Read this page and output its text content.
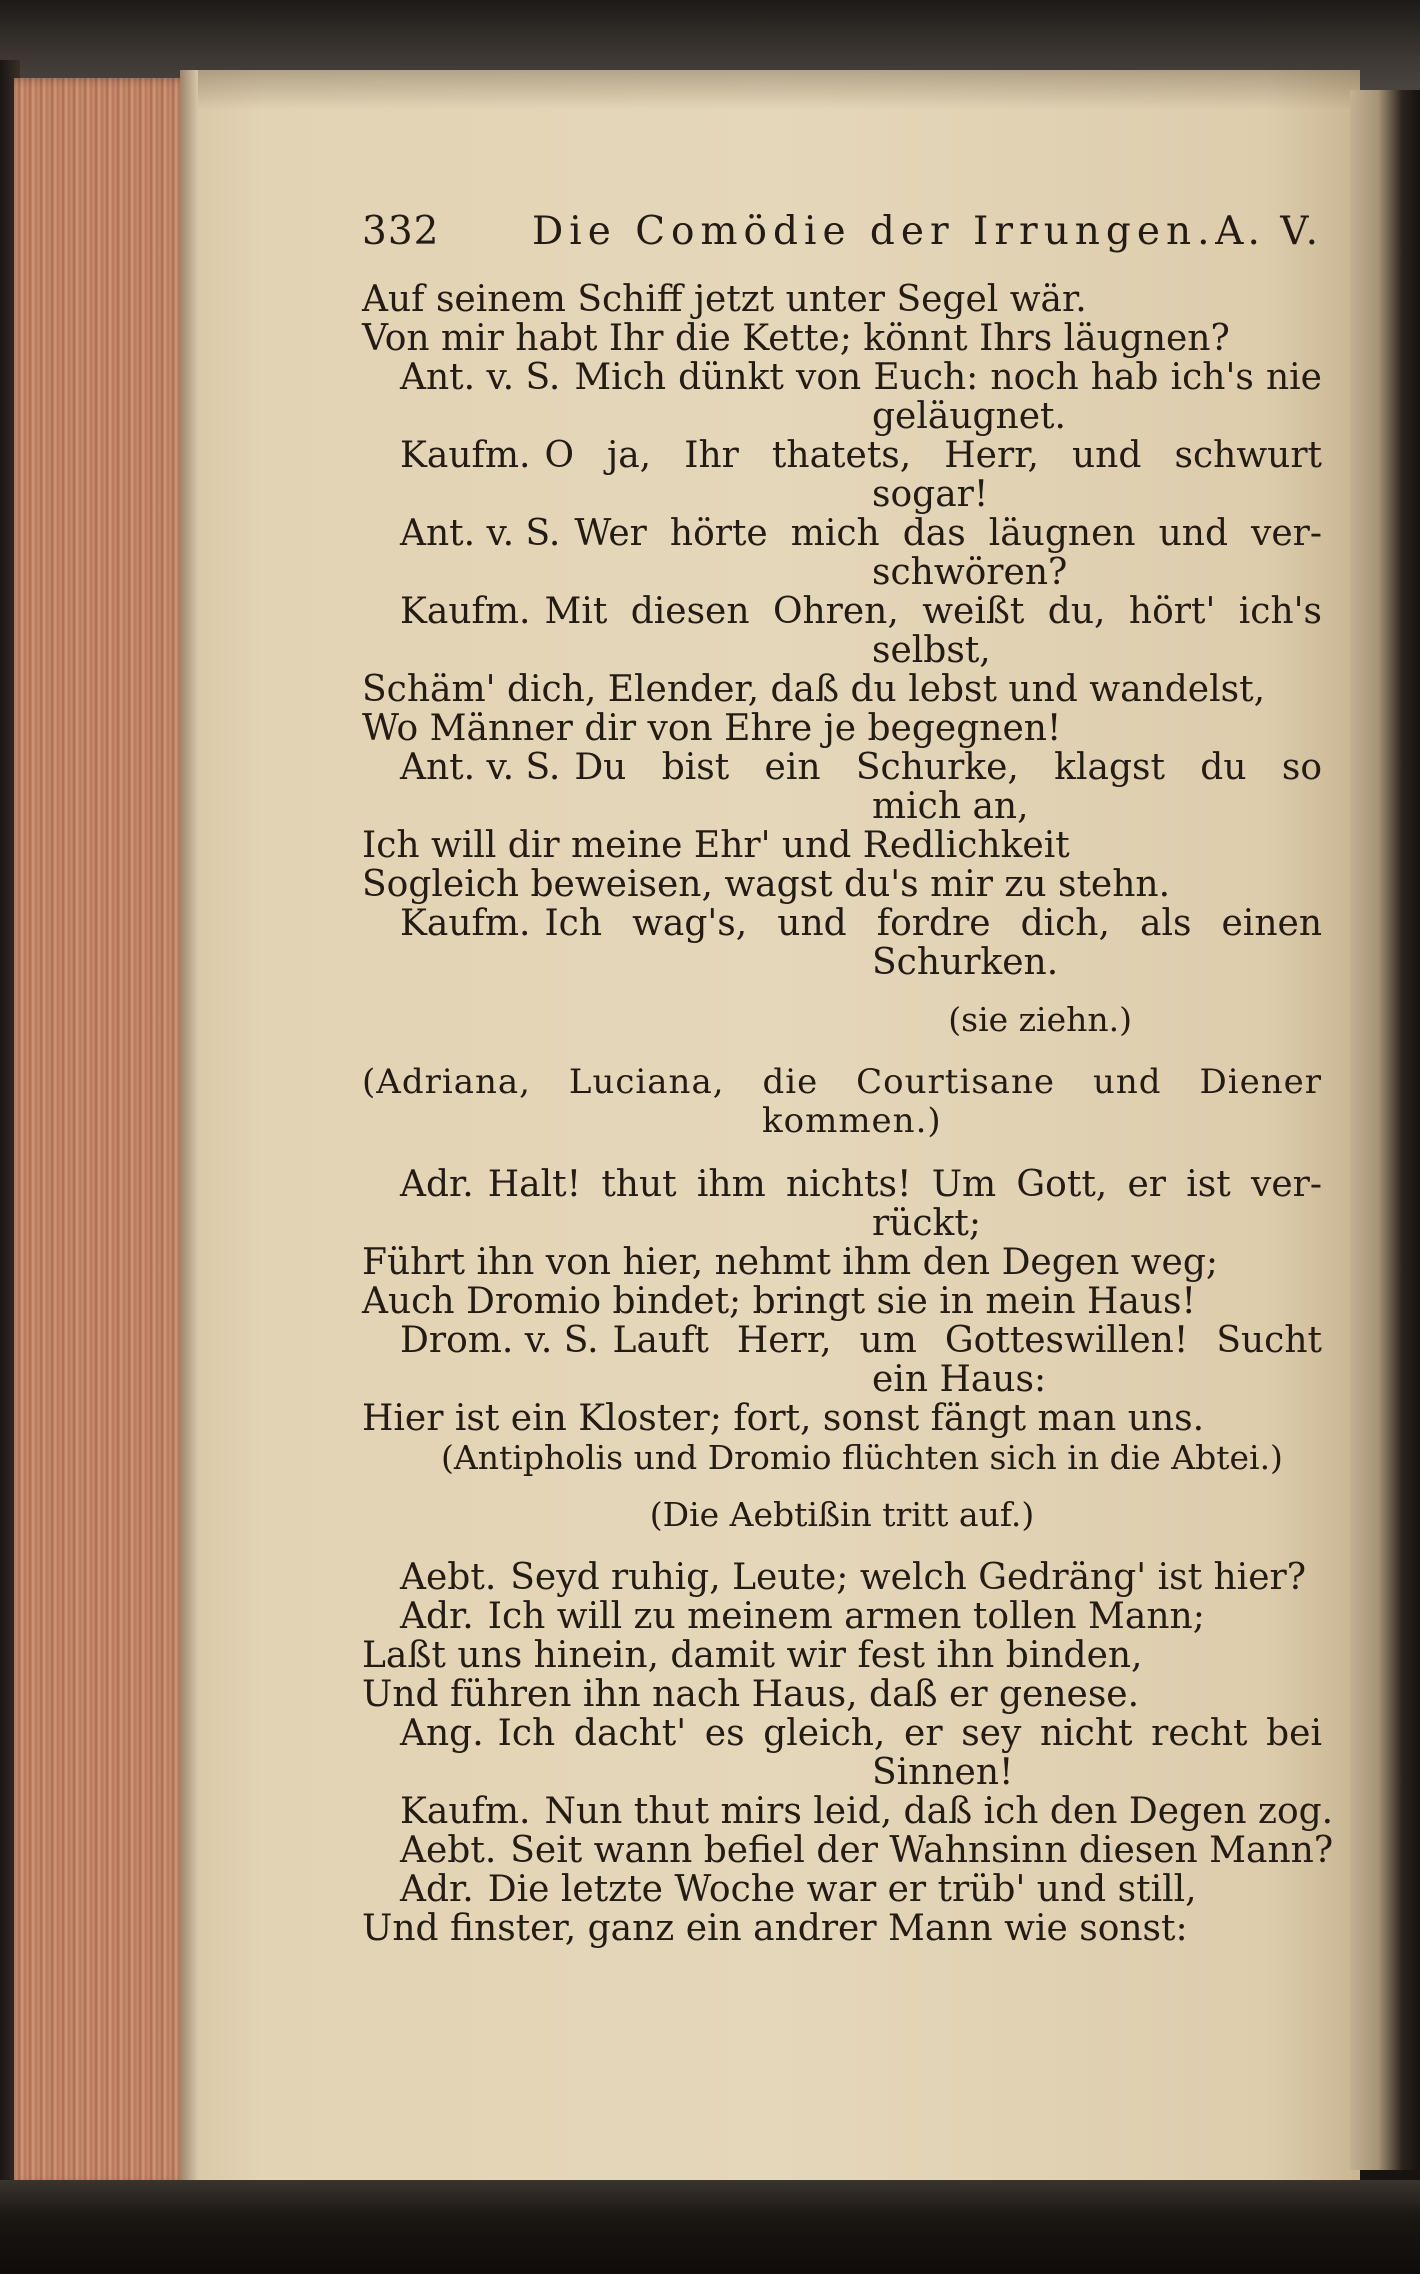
332 Die Comödie der Irrungen. A. V.
Auf seinem Schiff jetzt unter Segel wär.
Von mir habt Ihr die Kette; könnt Ihrs läugnen?
Ant. v. S. Mich dünkt von Euch: noch hab ich's nie
geläugnet.
Kaufm. O ja, Ihr thatets, Herr, und schwurt
sogar!
Ant. v. S. Wer hörte mich das läugnen und ver-
schwören?
Kaufm. Mit diesen Ohren, weißt du, hört' ich's
selbst,
Schäm' dich, Elender, daß du lebst und wandelst,
Wo Männer dir von Ehre je begegnen!
Ant. v. S. Du bist ein Schurke, klagst du so
mich an,
Ich will dir meine Ehr' und Redlichkeit
Sogleich beweisen, wagst du's mir zu stehn.
Kaufm. Ich wag's, und fordre dich, als einen
Schurken.
(sie ziehn.)
(Adriana, Luciana, die Courtisane und Diener
kommen.)
Adr. Halt! thut ihm nichts! Um Gott, er ist ver-
rückt;
Führt ihn von hier, nehmt ihm den Degen weg;
Auch Dromio bindet; bringt sie in mein Haus!
Drom. v. S. Lauft Herr, um Gotteswillen! Sucht
ein Haus:
Hier ist ein Kloster; fort, sonst fängt man uns.
(Antipholis und Dromio flüchten sich in die Abtei.)
(Die Aebtißin tritt auf.)
Aebt. Seyd ruhig, Leute; welch Gedräng' ist hier?
Adr. Ich will zu meinem armen tollen Mann;
Laßt uns hinein, damit wir fest ihn binden,
Und führen ihn nach Haus, daß er genese.
Ang. Ich dacht' es gleich, er sey nicht recht bei
Sinnen!
Kaufm. Nun thut mirs leid, daß ich den Degen zog.
Aebt. Seit wann befiel der Wahnsinn diesen Mann?
Adr. Die letzte Woche war er trüb' und still,
Und finster, ganz ein andrer Mann wie sonst:
